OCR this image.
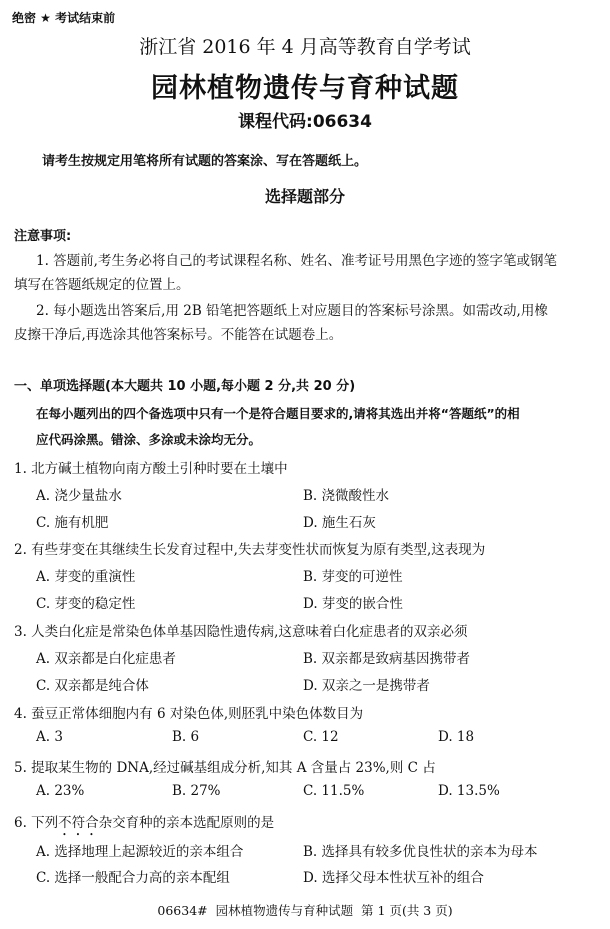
绝密 ★ 考试结束前
浙江省 2016 年 4 月高等教育自学考试
园林植物遗传与育种试题
课程代码:06634
请考生按规定用笔将所有试题的答案涂、写在答题纸上。
选择题部分
注意事项:
1. 答题前,考生务必将自己的考试课程名称、姓名、准考证号用黑色字迹的签字笔或钢笔
填写在答题纸规定的位置上。
2. 每小题选出答案后,用 2B 铅笔把答题纸上对应题目的答案标号涂黑。如需改动,用橡
皮擦干净后,再选涂其他答案标号。不能答在试题卷上。
一、单项选择题(本大题共 10 小题,每小题 2 分,共 20 分)
在每小题列出的四个备选项中只有一个是符合题目要求的,请将其选出并将“答题纸”的相
应代码涂黑。错涂、多涂或未涂均无分。
1. 北方碱土植物向南方酸土引种时要在土壤中
A. 浇少量盐水	B. 浇微酸性水
C. 施有机肥	D. 施生石灰
2. 有些芽变在其继续生长发育过程中,失去芽变性状而恢复为原有类型,这表现为
A. 芽变的重演性	B. 芽变的可逆性
C. 芽变的稳定性	D. 芽变的嵌合性
3. 人类白化症是常染色体单基因隐性遗传病,这意味着白化症患者的双亲必须
A. 双亲都是白化症患者	B. 双亲都是致病基因携带者
C. 双亲都是纯合体	D. 双亲之一是携带者
4. 蚕豆正常体细胞内有 6 对染色体,则胚乳中染色体数目为
A. 3	B. 6	C. 12	D. 18
5. 提取某生物的 DNA,经过碱基组成分析,知其 A 含量占 23%,则 C 占
A. 23%	B. 27%	C. 11.5%	D. 13.5%
6. 下列不符合杂交育种的亲本选配原则的是
A. 选择地理上起源较近的亲本组合	B. 选择具有较多优良性状的亲本为母本
C. 选择一般配合力高的亲本配组	D. 选择父母本性状互补的组合
06634#  园林植物遗传与育种试题  第 1 页(共 3 页)
